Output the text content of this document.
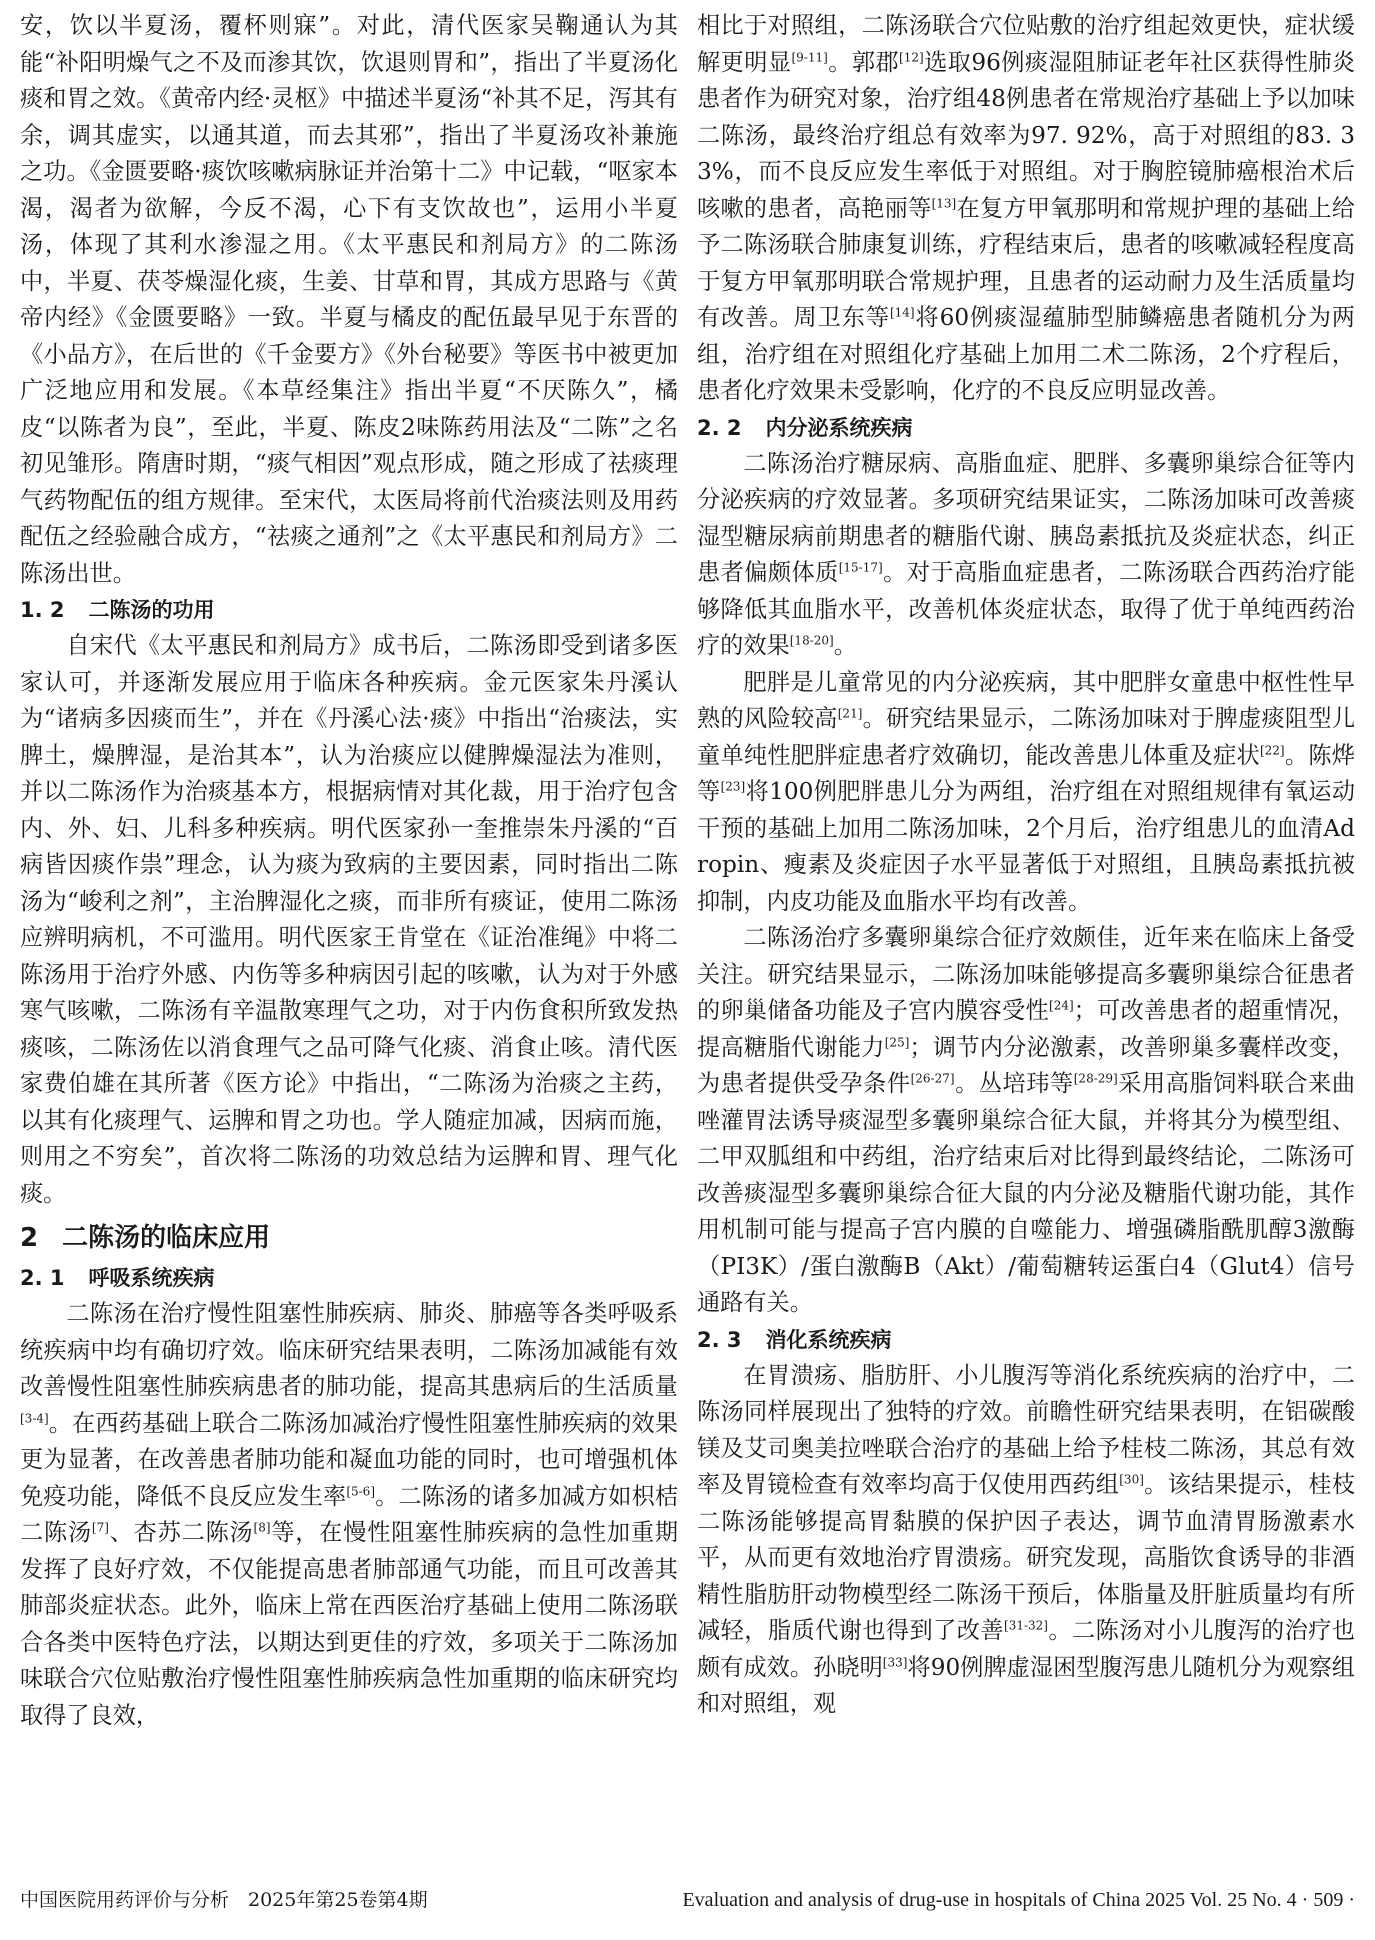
安，饮以半夏汤，覆杯则寐”。对此，清代医家吴鞠通认为其能“补阳明燥气之不及而渗其饮，饮退则胃和”，指出了半夏汤化痰和胃之效。《黄帝内经·灵枢》中描述半夏汤“补其不足，泻其有余，调其虚实，以通其道，而去其邪”，指出了半夏汤攻补兼施之功。《金匮要略·痰饮咳嗽病脉证并治第十二》中记载，“呕家本渴，渴者为欲解，今反不渴，心下有支饮故也”，运用小半夏汤，体现了其利水渗湿之用。《太平惠民和剂局方》的二陈汤中，半夏、茯苓燥湿化痰，生姜、甘草和胃，其成方思路与《黄帝内经》《金匮要略》一致。半夏与橘皮的配伍最早见于东晋的《小品方》，在后世的《千金要方》《外台秘要》等医书中被更加广泛地应用和发展。《本草经集注》指出半夏“不厌陈久”，橘皮“以陈者为良”，至此，半夏、陈皮2味陈药用法及“二陈”之名初见雏形。隋唐时期，“痰气相因”观点形成，随之形成了祛痰理气药物配伍的组方规律。至宋代，太医局将前代治痰法则及用药配伍之经验融合成方，“祛痰之通剂”之《太平惠民和剂局方》二陈汤出世。

1. 2 二陈汤的功用

自宋代《太平惠民和剂局方》成书后，二陈汤即受到诸多医家认可，并逐渐发展应用于临床各种疾病。金元医家朱丹溪认为“诸病多因痰而生”，并在《丹溪心法·痰》中指出“治痰法，实脾土，燥脾湿，是治其本”，认为治痰应以健脾燥湿法为准则，并以二陈汤作为治痰基本方，根据病情对其化裁，用于治疗包含内、外、妇、儿科多种疾病。明代医家孙一奎推崇朱丹溪的“百病皆因痰作祟”理念，认为痰为致病的主要因素，同时指出二陈汤为“峻利之剂”，主治脾湿化之痰，而非所有痰证，使用二陈汤应辨明病机，不可滥用。明代医家王肯堂在《证治准绳》中将二陈汤用于治疗外感、内伤等多种病因引起的咳嗽，认为对于外感寒气咳嗽，二陈汤有辛温散寒理气之功，对于内伤食积所致发热痰咳，二陈汤佐以消食理气之品可降气化痰、消食止咳。清代医家费伯雄在其所著《医方论》中指出，“二陈汤为治痰之主药，以其有化痰理气、运脾和胃之功也。学人随症加减，因病而施，则用之不穷矣”，首次将二陈汤的功效总结为运脾和胃、理气化痰。

2 二陈汤的临床应用
2. 1 呼吸系统疾病

二陈汤在治疗慢性阻塞性肺疾病、肺炎、肺癌等各类呼吸系统疾病中均有确切疗效。临床研究结果表明，二陈汤加减能有效改善慢性阻塞性肺疾病患者的肺功能，提高其患病后的生活质量[3-4]。在西药基础上联合二陈汤加减治疗慢性阻塞性肺疾病的效果更为显著，在改善患者肺功能和凝血功能的同时，也可增强机体免疫功能，降低不良反应发生率[5-6]。二陈汤的诸多加减方如枳桔二陈汤[7]、杏苏二陈汤[8]等，在慢性阻塞性肺疾病的急性加重期发挥了良好疗效，不仅能提高患者肺部通气功能，而且可改善其肺部炎症状态。此外，临床上常在西医治疗基础上使用二陈汤联合各类中医特色疗法，以期达到更佳的疗效，多项关于二陈汤加味联合穴位贴敷治疗慢性阻塞性肺疾病急性加重期的临床研究均取得了良效，

相比于对照组，二陈汤联合穴位贴敷的治疗组起效更快，症状缓解更明显[9-11]。郭郡[12]选取96例痰湿阻肺证老年社区获得性肺炎患者作为研究对象，治疗组48例患者在常规治疗基础上予以加味二陈汤，最终治疗组总有效率为97. 92%，高于对照组的83. 33%，而不良反应发生率低于对照组。对于胸腔镜肺癌根治术后咳嗽的患者，高艳丽等[13]在复方甲氧那明和常规护理的基础上给予二陈汤联合肺康复训练，疗程结束后，患者的咳嗽减轻程度高于复方甲氧那明联合常规护理，且患者的运动耐力及生活质量均有改善。周卫东等[14]将60例痰湿蕴肺型肺鳞癌患者随机分为两组，治疗组在对照组化疗基础上加用二术二陈汤，2个疗程后，患者化疗效果未受影响，化疗的不良反应明显改善。

2. 2 内分泌系统疾病

二陈汤治疗糖尿病、高脂血症、肥胖、多囊卵巢综合征等内分泌疾病的疗效显著。多项研究结果证实，二陈汤加味可改善痰湿型糖尿病前期患者的糖脂代谢、胰岛素抵抗及炎症状态，纠正患者偏颇体质[15-17]。对于高脂血症患者，二陈汤联合西药治疗能够降低其血脂水平，改善机体炎症状态，取得了优于单纯西药治疗的效果[18-20]。

肥胖是儿童常见的内分泌疾病，其中肥胖女童患中枢性性早熟的风险较高[21]。研究结果显示，二陈汤加味对于脾虚痰阻型儿童单纯性肥胖症患者疗效确切，能改善患儿体重及症状[22]。陈烨等[23]将100例肥胖患儿分为两组，治疗组在对照组规律有氧运动干预的基础上加用二陈汤加味，2个月后，治疗组患儿的血清Adropin、瘦素及炎症因子水平显著低于对照组，且胰岛素抵抗被抑制，内皮功能及血脂水平均有改善。

二陈汤治疗多囊卵巢综合征疗效颇佳，近年来在临床上备受关注。研究结果显示，二陈汤加味能够提高多囊卵巢综合征患者的卵巢储备功能及子宫内膜容受性[24]；可改善患者的超重情况，提高糖脂代谢能力[25]；调节内分泌激素，改善卵巢多囊样改变，为患者提供受孕条件[26-27]。丛培玮等[28-29]采用高脂饲料联合来曲唑灌胃法诱导痰湿型多囊卵巢综合征大鼠，并将其分为模型组、二甲双胍组和中药组，治疗结束后对比得到最终结论，二陈汤可改善痰湿型多囊卵巢综合征大鼠的内分泌及糖脂代谢功能，其作用机制可能与提高子宫内膜的自噬能力、增强磷脂酰肌醇3激酶（PI3K）/蛋白激酶B（Akt）/葡萄糖转运蛋白4（Glut4）信号通路有关。

2. 3 消化系统疾病

在胃溃疡、脂肪肝、小儿腹泻等消化系统疾病的治疗中，二陈汤同样展现出了独特的疗效。前瞻性研究结果表明，在铝碳酸镁及艾司奥美拉唑联合治疗的基础上给予桂枝二陈汤，其总有效率及胃镜检查有效率均高于仅使用西药组[30]。该结果提示，桂枝二陈汤能够提高胃黏膜的保护因子表达，调节血清胃肠激素水平，从而更有效地治疗胃溃疡。研究发现，高脂饮食诱导的非酒精性脂肪肝动物模型经二陈汤干预后，体脂量及肝脏质量均有所减轻，脂质代谢也得到了改善[31-32]。二陈汤对小儿腹泻的治疗也颇有成效。孙晓明[33]将90例脾虚湿困型腹泻患儿随机分为观察组和对照组，观

中国医院用药评价与分析　2025年第25卷第4期	Evaluation and analysis of drug-use in hospitals of China 2025 Vol. 25 No. 4 · 509 ·
